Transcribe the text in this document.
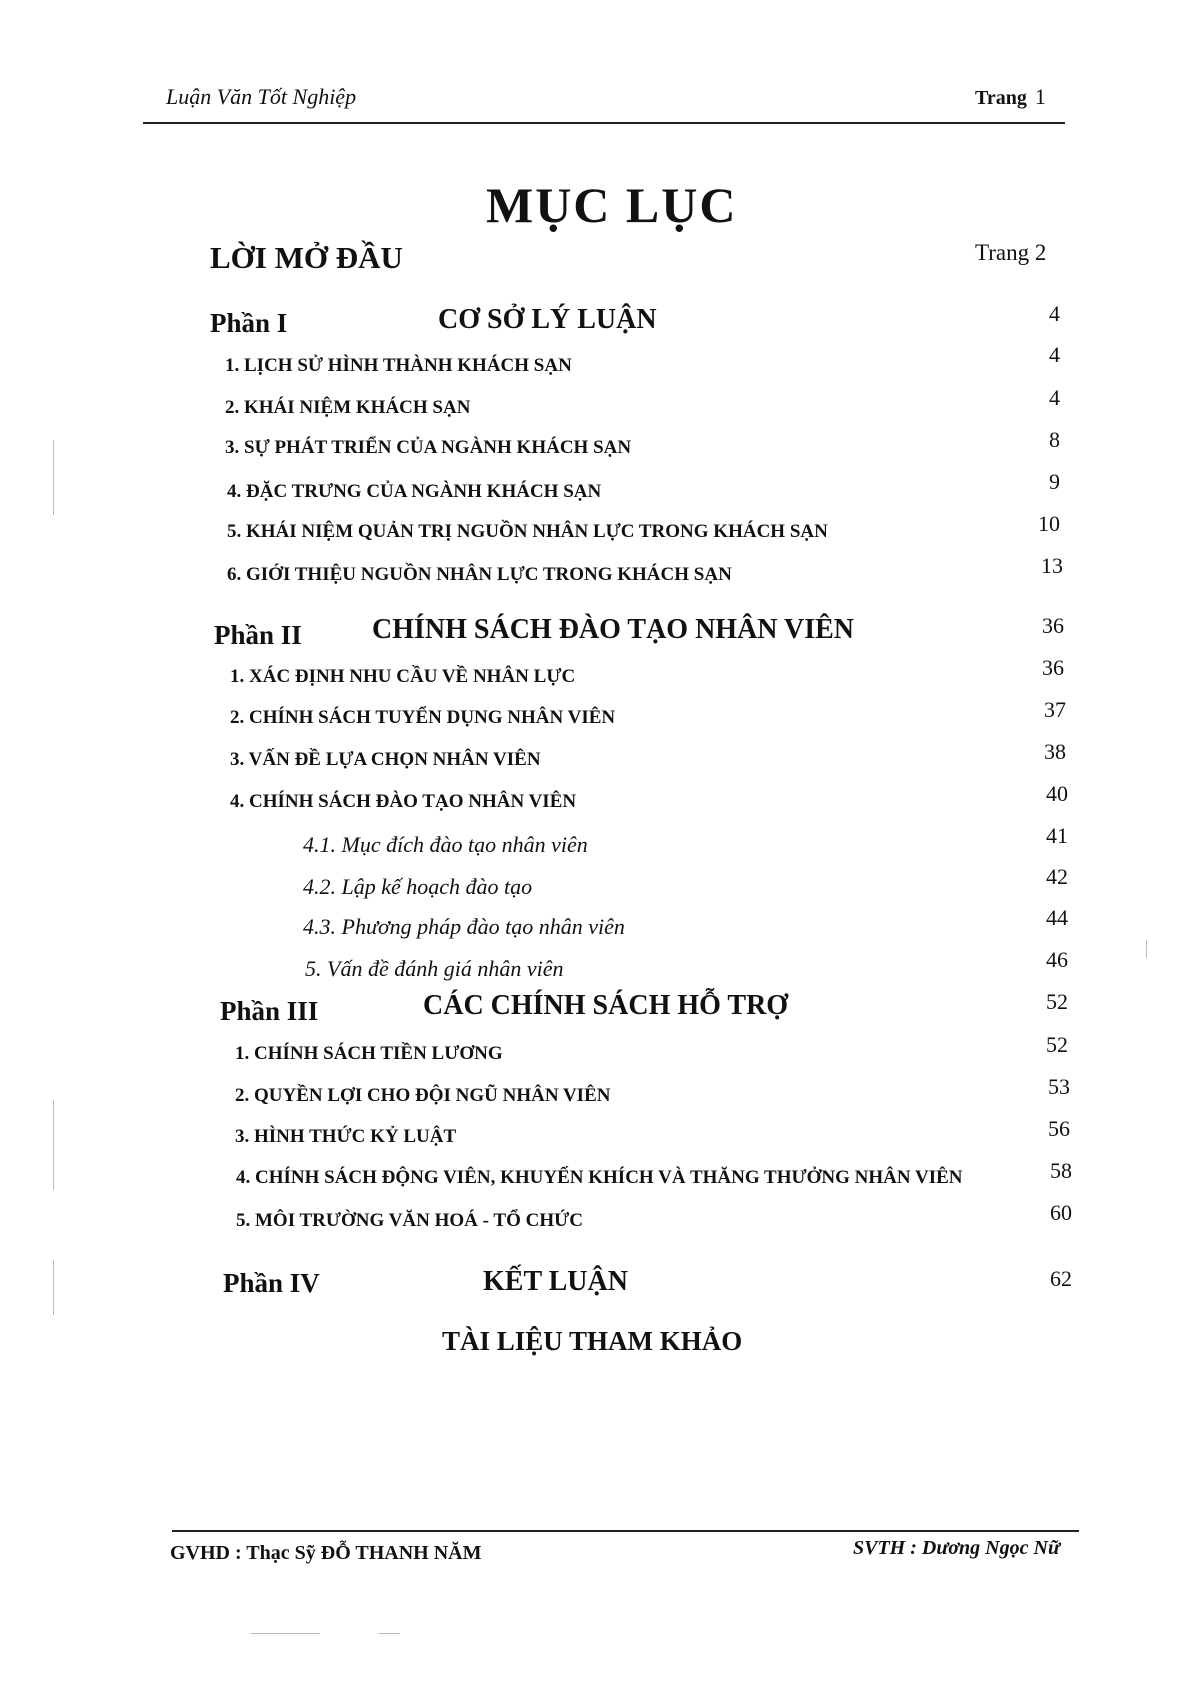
Luận Văn Tốt Nghiệp	Trang 1
MỤC LỤC
LỜI MỞ ĐẦU	Trang 2
Phần I	CƠ SỞ LÝ LUẬN	4
1. LỊCH SỬ HÌNH THÀNH KHÁCH SẠN	4
2. KHÁI NIỆM KHÁCH SẠN	4
3. SỰ PHÁT TRIỂN CỦA NGÀNH KHÁCH SẠN	8
4. ĐẶC TRƯNG CỦA NGÀNH KHÁCH SẠN	9
5. KHÁI NIỆM QUẢN TRỊ NGUỒN NHÂN LỰC TRONG KHÁCH SẠN	10
6. GIỚI THIỆU NGUỒN NHÂN LỰC TRONG KHÁCH SẠN	13
Phần II	CHÍNH SÁCH ĐÀO TẠO NHÂN VIÊN	36
1. XÁC ĐỊNH NHU CẦU VỀ NHÂN LỰC	36
2. CHÍNH SÁCH TUYỂN DỤNG NHÂN VIÊN	37
3. VẤN ĐỀ LỰA CHỌN NHÂN VIÊN	38
4. CHÍNH SÁCH ĐÀO TẠO NHÂN VIÊN	40
4.1. Mục đích đào tạo nhân viên	41
4.2. Lập kế hoạch đào tạo	42
4.3. Phương pháp đào tạo nhân viên	44
5. Vấn đề đánh giá nhân viên	46
Phần III	CÁC CHÍNH SÁCH HỖ TRỢ	52
1. CHÍNH SÁCH TIỀN LƯƠNG	52
2. QUYỀN LỢI CHO ĐỘI NGŨ NHÂN VIÊN	53
3. HÌNH THỨC KỶ LUẬT	56
4. CHÍNH SÁCH ĐỘNG VIÊN, KHUYẾN KHÍCH VÀ THĂNG THƯỞNG NHÂN VIÊN	58
5. MÔI TRƯỜNG VĂN HOÁ - TỔ CHỨC	60
Phần IV	KẾT LUẬN	62
TÀI LIỆU THAM KHẢO
GVHD : Thạc Sỹ ĐỖ THANH NĂM	SVTH : Dương Ngọc Nữ
